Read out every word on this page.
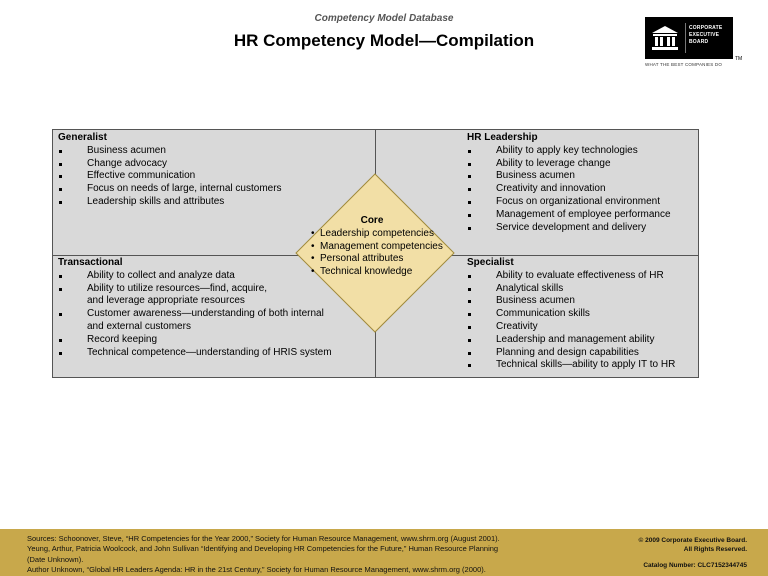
Competency Model Database
HR Competency Model—Compilation
CORPORATE
EXECUTIVE
BOARD
TM
WHAT THE BEST COMPANIES DO
Generalist
Business acumen
Change advocacy
Effective communication
Focus on needs of large, internal customers
Leadership skills and attributes
HR Leadership
Ability to apply key technologies
Ability to leverage change
Business acumen
Creativity and innovation
Focus on organizational environment
Management of employee performance
Service development and delivery
Transactional
Ability to collect and analyze data
Ability to utilize resources—find, acquire,
and leverage appropriate resources
Customer awareness—understanding of both internal
and external customers
Record keeping
Technical competence—understanding of HRIS system
Specialist
Ability to evaluate effectiveness of HR
Analytical skills
Business acumen
Communication skills
Creativity
Leadership and management ability
Planning and design capabilities
Technical skills—ability to apply IT to HR
Core
• Leadership competencies
• Management competencies
• Personal attributes
• Technical knowledge
Sources: Schoonover, Steve, “HR Competencies for the Year 2000,” Society for Human Resource Management, www.shrm.org (August 2001).
Yeung, Arthur, Patricia Woolcock, and John Sullivan “Identifying and Developing HR Competencies for the Future,” Human Resource Planning
(Date Unknown).
Author Unknown, “Global HR Leaders Agenda: HR in the 21st Century,” Society for Human Resource Management, www.shrm.org (2000).
© 2009 Corporate Executive Board.
All Rights Reserved.
Catalog Number: CLC7152344745
